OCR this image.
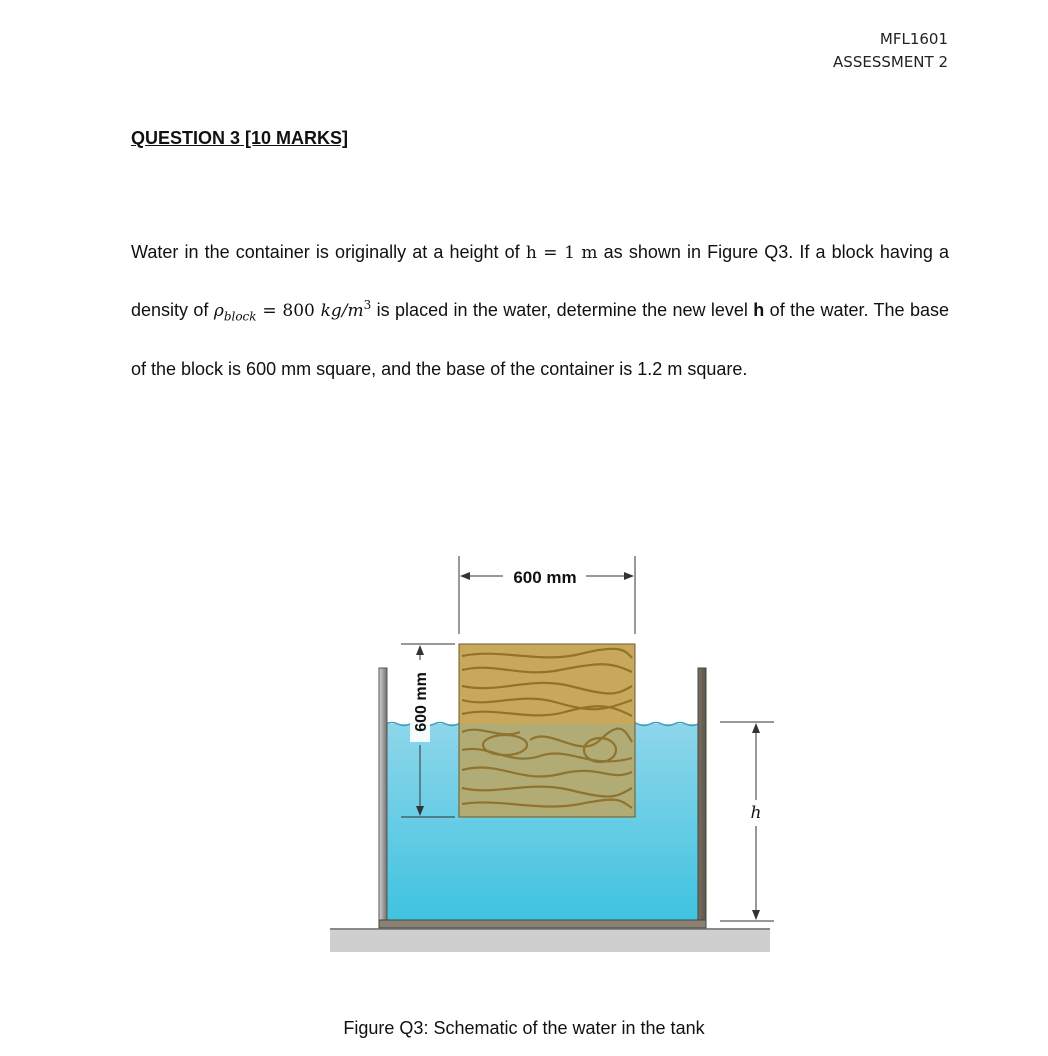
MFL1601
ASSESSMENT 2
QUESTION 3 [10 MARKS]

Water in the container is originally at a height of h = 1 m as shown in Figure Q3. If a block having a density of $\rho_{block} = 800$ $kg/m^3$ is placed in the water, determine the new level h of the water. The base of the block is 600 mm square, and the base of the container is 1.2 m square.

600 mm
600 mm
h
Figure Q3: Schematic of the water in the tank
